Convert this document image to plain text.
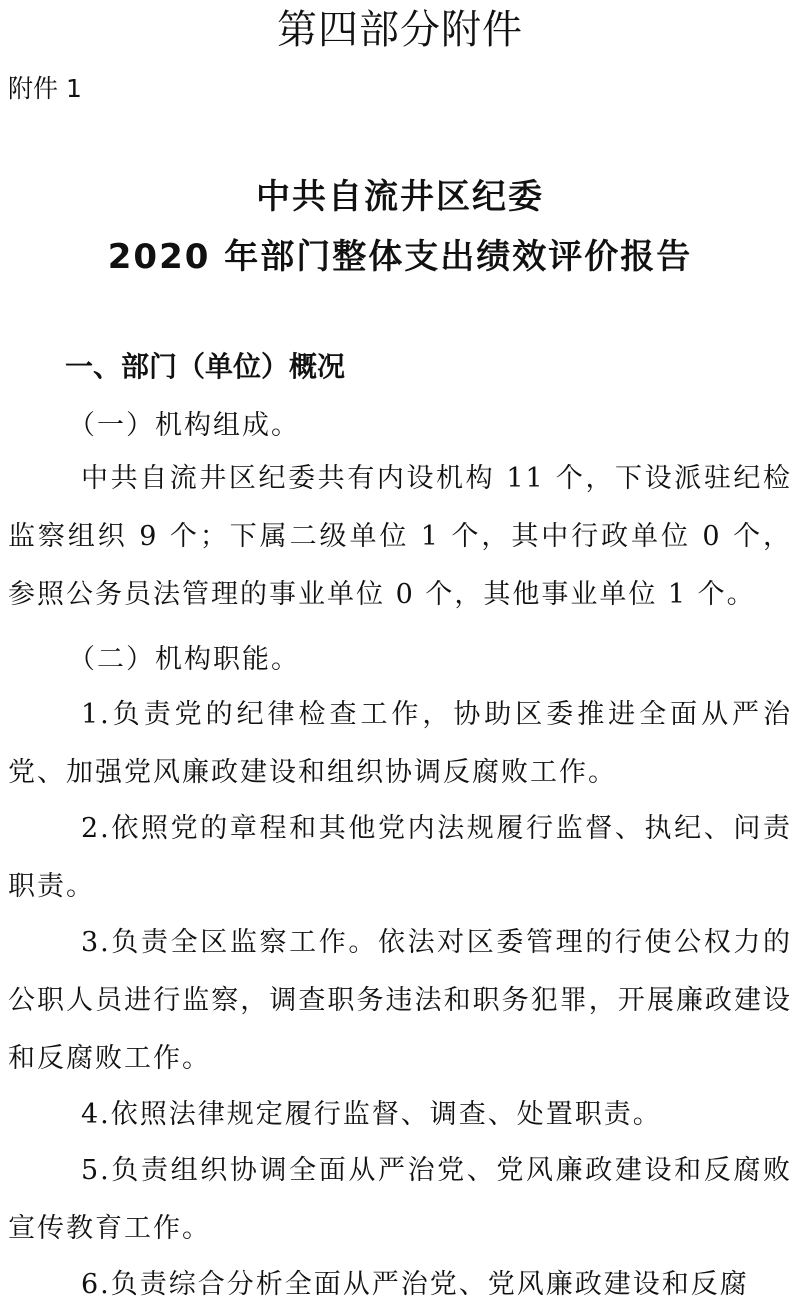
第四部分附件
附件 1
中共自流井区纪委
2020 年部门整体支出绩效评价报告
一、部门（单位）概况
（一）机构组成。

中共自流井区纪委共有内设机构 11 个，下设派驻纪检监察组织 9 个；下属二级单位 1 个，其中行政单位 0 个，参照公务员法管理的事业单位 0 个，其他事业单位 1 个。

（二）机构职能。

1.负责党的纪律检查工作，协助区委推进全面从严治党、加强党风廉政建设和组织协调反腐败工作。

2.依照党的章程和其他党内法规履行监督、执纪、问责职责。

3.负责全区监察工作。依法对区委管理的行使公权力的公职人员进行监察，调查职务违法和职务犯罪，开展廉政建设和反腐败工作。

4.依照法律规定履行监督、调查、处置职责。

5.负责组织协调全面从严治党、党风廉政建设和反腐败宣传教育工作。

6.负责综合分析全面从严治党、党风廉政建设和反腐
